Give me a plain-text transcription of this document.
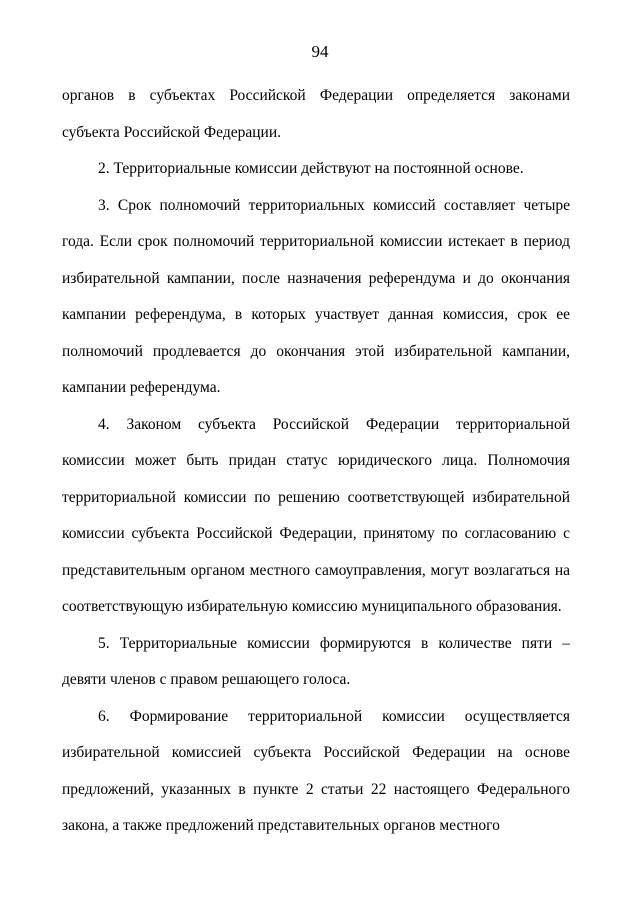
94

органов в субъектах Российской Федерации определяется законами субъекта Российской Федерации.

2. Территориальные комиссии действуют на постоянной основе.

3. Срок полномочий территориальных комиссий составляет четыре года. Если срок полномочий территориальной комиссии истекает в период избирательной кампании, после назначения референдума и до окончания кампании референдума, в которых участвует данная комиссия, срок ее полномочий продлевается до окончания этой избирательной кампании, кампании референдума.

4. Законом субъекта Российской Федерации территориальной комиссии может быть придан статус юридического лица. Полномочия территориальной комиссии по решению соответствующей избирательной комиссии субъекта Российской Федерации, принятому по согласованию с представительным органом местного самоуправления, могут возлагаться на соответствующую избирательную комиссию муниципального образования.

5. Территориальные комиссии формируются в количестве пяти – девяти членов с правом решающего голоса.

6. Формирование территориальной комиссии осуществляется избирательной комиссией субъекта Российской Федерации на основе предложений, указанных в пункте 2 статьи 22 настоящего Федерального закона, а также предложений представительных органов местного
